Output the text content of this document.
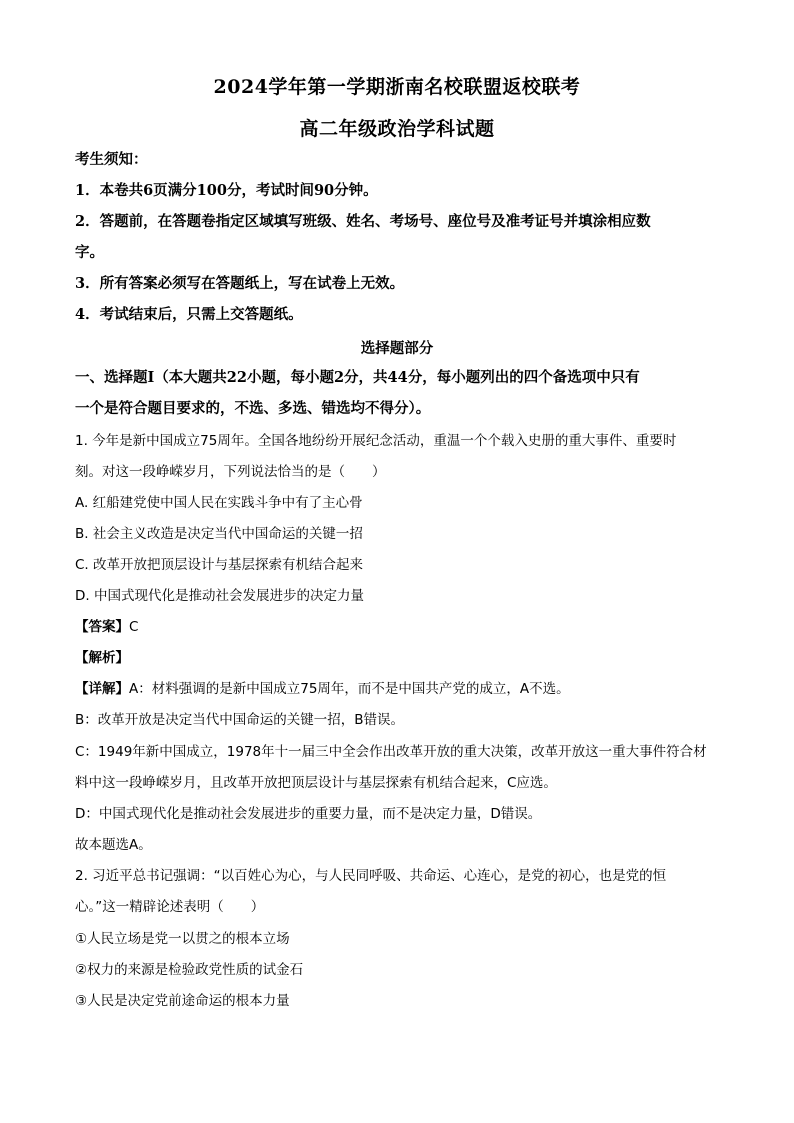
2024学年第一学期浙南名校联盟返校联考
高二年级政治学科试题
考生须知：
1．本卷共6页满分100分，考试时间90分钟。
2．答题前，在答题卷指定区域填写班级、姓名、考场号、座位号及准考证号并填涂相应数
字。
3．所有答案必须写在答题纸上，写在试卷上无效。
4．考试结束后，只需上交答题纸。
选择题部分
一、选择题Ⅰ（本大题共22小题，每小题2分，共44分，每小题列出的四个备选项中只有
一个是符合题目要求的，不选、多选、错选均不得分）。
1. 今年是新中国成立75周年。全国各地纷纷开展纪念活动，重温一个个载入史册的重大事件、重要时
刻。对这一段峥嵘岁月，下列说法恰当的是（　　）
A. 红船建党使中国人民在实践斗争中有了主心骨
B. 社会主义改造是决定当代中国命运的关键一招
C. 改革开放把顶层设计与基层探索有机结合起来
D. 中国式现代化是推动社会发展进步的决定力量
【答案】C
【解析】
【详解】A：材料强调的是新中国成立75周年，而不是中国共产党的成立，A不选。
B：改革开放是决定当代中国命运的关键一招，B错误。
C：1949年新中国成立，1978年十一届三中全会作出改革开放的重大决策，改革开放这一重大事件符合材
料中这一段峥嵘岁月，且改革开放把顶层设计与基层探索有机结合起来，C应选。
D：中国式现代化是推动社会发展进步的重要力量，而不是决定力量，D错误。
故本题选A。
2. 习近平总书记强调：“以百姓心为心，与人民同呼吸、共命运、心连心，是党的初心，也是党的恒
心。”这一精辟论述表明（　　）
①人民立场是党一以贯之的根本立场
②权力的来源是检验政党性质的试金石
③人民是决定党前途命运的根本力量
